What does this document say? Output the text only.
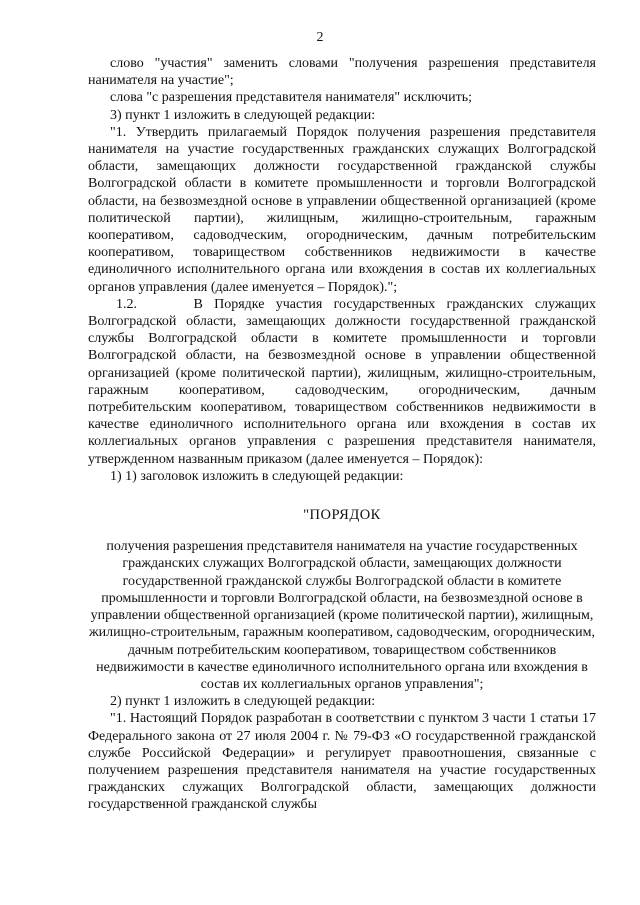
2

слово "участия" заменить словами "получения разрешения представителя нанимателя на участие";

слова "с разрешения представителя нанимателя" исключить;

3) пункт 1 изложить в следующей редакции:

"1. Утвердить прилагаемый Порядок получения разрешения представителя нанимателя на участие государственных гражданских служащих Волгоградской области, замещающих должности государственной гражданской службы Волгоградской области в комитете промышленности и торговли Волгоградской области, на безвозмездной основе в управлении общественной организацией (кроме политической партии), жилищным, жилищно-строительным, гаражным кооперативом, садоводческим, огородническим, дачным потребительским кооперативом, товариществом собственников недвижимости в качестве единоличного исполнительного органа или вхождения в состав их коллегиальных органов управления (далее именуется – Порядок).";

1.2.     В Порядке участия государственных гражданских служащих Волгоградской области, замещающих должности государственной гражданской службы Волгоградской области в комитете промышленности и торговли Волгоградской области, на безвозмездной основе в управлении общественной организацией (кроме политической партии), жилищным, жилищно-строительным, гаражным кооперативом, садоводческим, огородническим, дачным потребительским кооперативом, товариществом собственников недвижимости в качестве единоличного исполнительного органа или вхождения в состав их коллегиальных органов управления с разрешения представителя нанимателя, утвержденном названным приказом (далее именуется – Порядок):

1) 1) заголовок изложить в следующей редакции:

"ПОРЯДОК

получения разрешения представителя нанимателя на участие государственных гражданских служащих Волгоградской области, замещающих должности государственной гражданской службы Волгоградской области в комитете промышленности и торговли Волгоградской области, на безвозмездной основе в управлении общественной организацией (кроме политической партии), жилищным, жилищно-строительным, гаражным кооперативом, садоводческим, огородническим, дачным потребительским кооперативом, товариществом собственников недвижимости в качестве единоличного исполнительного органа или вхождения в состав их коллегиальных органов управления";

2) пункт 1 изложить в следующей редакции:

"1. Настоящий Порядок разработан в соответствии с пунктом 3 части 1 статьи 17 Федерального закона от 27 июля 2004 г. № 79-ФЗ «О государственной гражданской службе Российской Федерации» и регулирует правоотношения, связанные с получением разрешения представителя нанимателя на участие государственных гражданских служащих Волгоградской области, замещающих должности государственной гражданской службы
